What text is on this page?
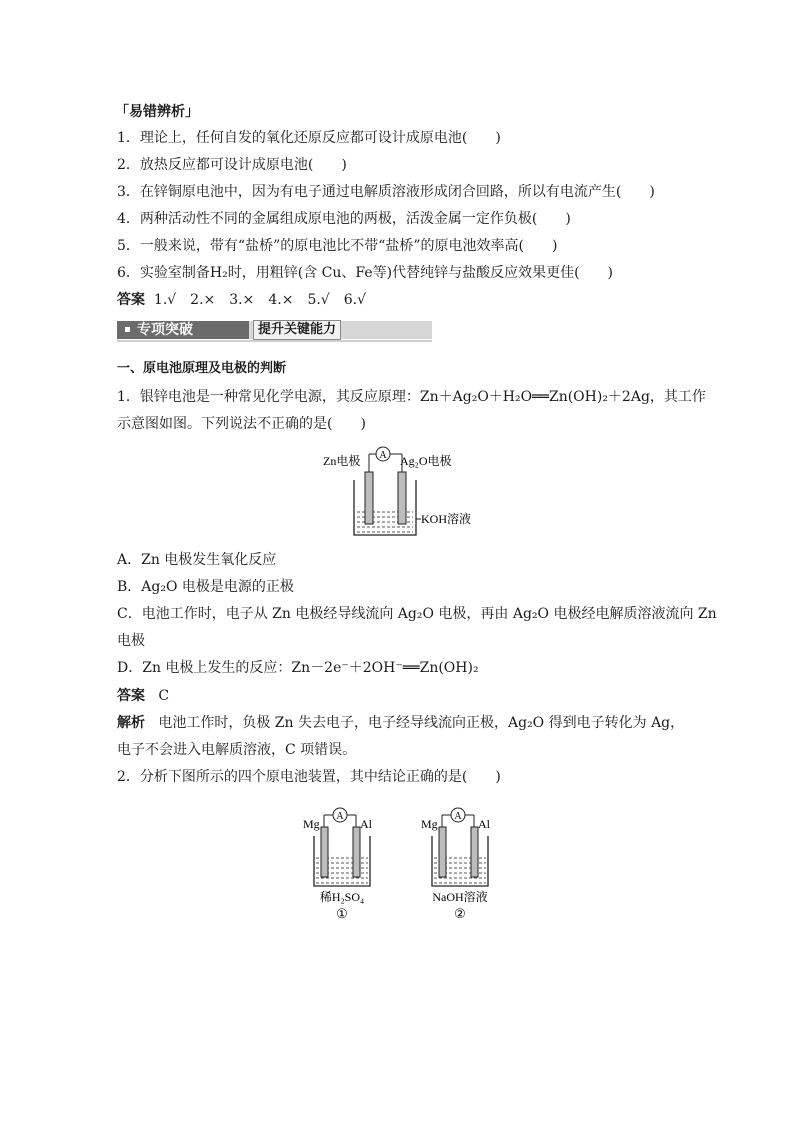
「易错辨析」
1．理论上，任何自发的氧化还原反应都可设计成原电池(　　)
2．放热反应都可设计成原电池(　　)
3．在锌铜原电池中，因为有电子通过电解质溶液形成闭合回路，所以有电流产生(　　)
4．两种活动性不同的金属组成原电池的两极，活泼金属一定作负极(　　)
5．一般来说，带有“盐桥”的原电池比不带“盐桥”的原电池效率高(　　)
6．实验室制备H₂时，用粗锌(含 Cu、Fe等)代替纯锌与盐酸反应效果更佳(　　)
答案 1.√　2.×　3.×　4.×　5.√　6.√
专项突破	提升关键能力
一、原电池原理及电极的判断
1．银锌电池是一种常见化学电源，其反应原理：Zn＋Ag₂O＋H₂O══Zn(OH)₂＋2Ag，其工作
示意图如图。下列说法不正确的是(　　)
A
Zn电极	Ag₂O电极
KOH溶液
A．Zn 电极发生氧化反应
B．Ag₂O 电极是电源的正极
C．电池工作时，电子从 Zn 电极经导线流向 Ag₂O 电极，再由 Ag₂O 电极经电解质溶液流向 Zn
电极
D．Zn 电极上发生的反应：Zn－2e⁻＋2OH⁻══Zn(OH)₂
答案 C
解析 电池工作时，负极 Zn 失去电子，电子经导线流向正极，Ag₂O 得到电子转化为 Ag，
电子不会进入电解质溶液，C 项错误。
2．分析下图所示的四个原电池装置，其中结论正确的是(　　)
A
Mg	Al
稀H₂SO₄
①
A
Mg	Al
NaOH溶液
②
